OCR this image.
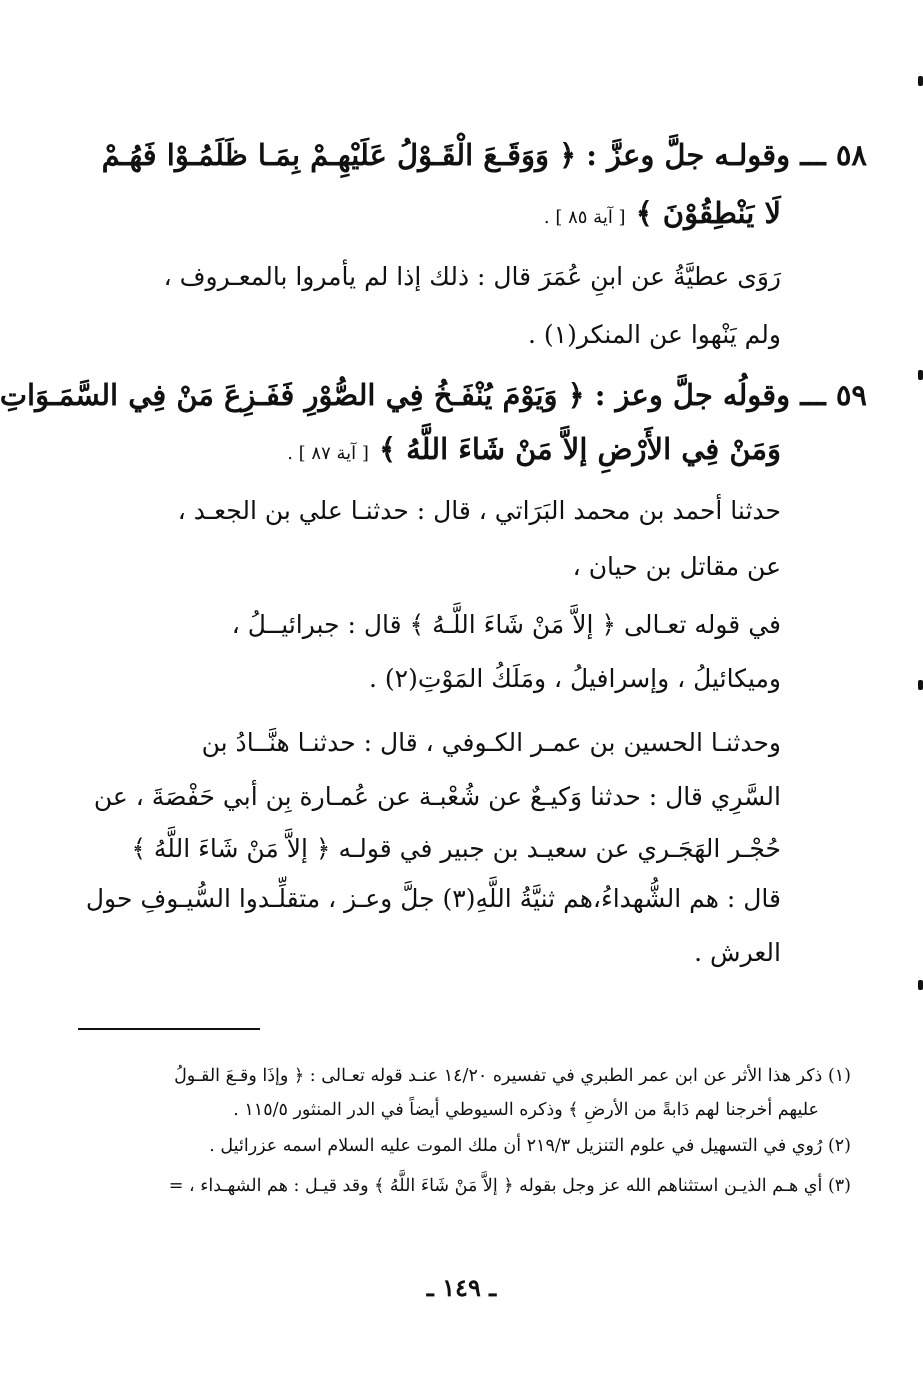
٥٨ ـــ وقولـه جلَّ وعزَّ : ﴿ وَوَقَـعَ الْقَـوْلُ عَلَيْهِـمْ بِمَـا ظَلَمُـوْا فَهُـمْ
لَا يَنْطِقُوْنَ ﴾ [ آية ٨٥ ] .
رَوَى عطيَّةُ عن ابنِ عُمَرَ قال : ذلك إذا لم يأمروا بالمعـروف ،
ولم يَنْهوا عن المنكر(١) .
٥٩ ـــ وقولُه جلَّ وعز : ﴿ وَيَوْمَ يُنْفَـخُ فِي الصُّوْرِ فَفَـزِعَ مَنْ فِي السَّمَـوَاتِ
وَمَنْ فِي الأَرْضِ إلاَّ مَنْ شَاءَ اللَّهُ ﴾ [ آية ٨٧ ] .
حدثنا أحمد بن محمد البَرَاتي ، قال : حدثنـا علي بن الجعـد ،
عن مقاتل بن حيان ،
في قوله تعـالى ﴿ إلاَّ مَنْ شَاءَ اللَّـهُ ﴾ قال : جبرائيــلُ ،
وميكائيلُ ، وإسرافيلُ ، ومَلَكُ المَوْتِ(٢) .
وحدثنـا الحسين بن عمـر الكـوفي ، قال : حدثنـا هنَّــادُ بن
السَّرِي قال : حدثنا وَكيـعٌ عن شُعْبـة عن عُمـارة بِن أبي حَفْصَةَ ، عن
حُجْـر الهَجَـري عن سعيـد بن جبير في قولـه ﴿ إلاَّ مَنْ شَاءَ اللَّهُ ﴾
قال : هم الشُّهداءُ،هم ثنيَّةُ اللَّهِ(٣) جلَّ وعـز ، متقلِّـدوا السُّيـوفِ حول
العرش .
(١) ذكر هذا الأثر عن ابن عمر الطبري في تفسيره ١٤/٢٠ عنـد قوله تعـالى : ﴿ وإذَا وقـعَ القـولُ
عليهم أخرجنا لهم دَابةً من الأرضِ ﴾ وذكره السيوطي أيضاً في الدر المنثور ١١٥/٥ .
(٢) رُوي في التسهيل في علوم التنزيل ٢١٩/٣ أن ملك الموت عليه السلام اسمه عزرائيل .
(٣) أي هـم الذيـن استثناهم الله عز وجل بقوله ﴿ إلاَّ مَنْ شَاءَ اللَّهُ ﴾ وقد قيـل : هم الشهـداء ، =
ـ ١٤٩ ـ
